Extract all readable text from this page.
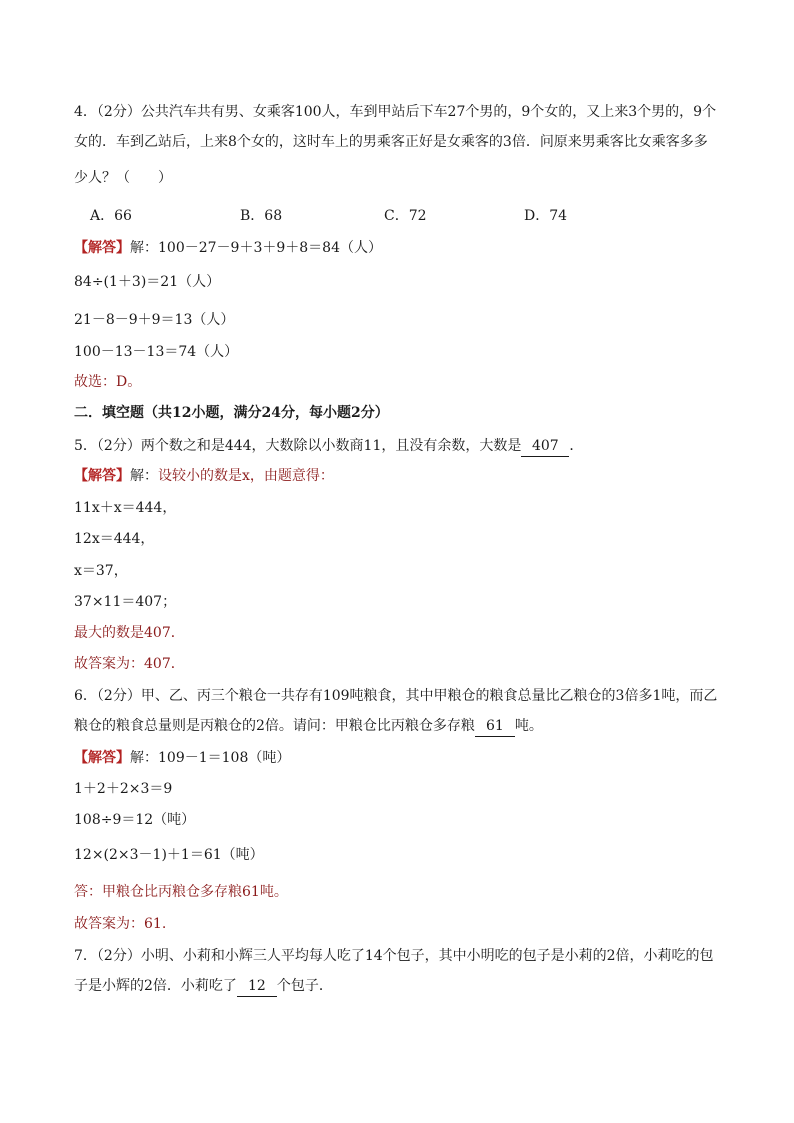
4．（2分）公共汽车共有男、女乘客100人，车到甲站后下车27个男的，9个女的，又上来3个男的，9个
女的．车到乙站后，上来8个女的，这时车上的男乘客正好是女乘客的3倍．问原来男乘客比女乘客多多
少人？（　　）
A．66	B．68	C．72	D．74
【解答】解：100－27－9＋3＋9＋8＝84（人）
84÷(1＋3)＝21（人）
21－8－9＋9＝13（人）
100－13－13＝74（人）
故选：D。
二．填空题（共12小题，满分24分，每小题2分）
5．（2分）两个数之和是444，大数除以小数商11，且没有余数，大数是 407 ．
【解答】解：设较小的数是x，由题意得：
11x＋x＝444，
12x＝444，
x＝37，
37×11＝407；
最大的数是407．
故答案为：407．
6．（2分）甲、乙、丙三个粮仓一共存有109吨粮食，其中甲粮仓的粮食总量比乙粮仓的3倍多1吨，而乙
粮仓的粮食总量则是丙粮仓的2倍。请问：甲粮仓比丙粮仓多存粮 61 吨。
【解答】解：109－1＝108（吨）
1＋2＋2×3＝9
108÷9＝12（吨）
12×(2×3－1)＋1＝61（吨）
答：甲粮仓比丙粮仓多存粮61吨。
故答案为：61.
7．（2分）小明、小莉和小辉三人平均每人吃了14个包子，其中小明吃的包子是小莉的2倍，小莉吃的包
子是小辉的2倍．小莉吃了 12 个包子．
